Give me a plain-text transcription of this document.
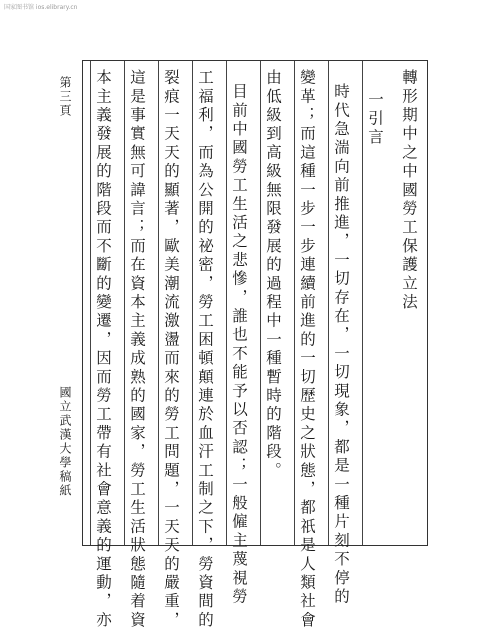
国家图书馆 ios.elibrary.cn
第三頁
國立武漢大學稿紙
轉形期中之中國勞工保護立法
一引言
時代急湍向前推進，一切存在，一切現象，都是一種片刻不停的
變革；而這種一步一步連續前進的一切歷史之狀態，都祇是人類社會
由低級到高級無限發展的過程中一種暫時的階段。
目前中國勞工生活之悲慘，誰也不能予以否認；一般僱主蔑視勞
工福利，而為公開的祕密，勞工困頓顛連於血汗工制之下，勞資間的
裂痕一天天的顯著，歐美潮流激盪而來的勞工問題，一天天的嚴重，
這是事實無可諱言；而在資本主義成熟的國家，勞工生活狀態隨着資
本主義發展的階段而不斷的變遷，因而勞工帶有社會意義的運動，亦
